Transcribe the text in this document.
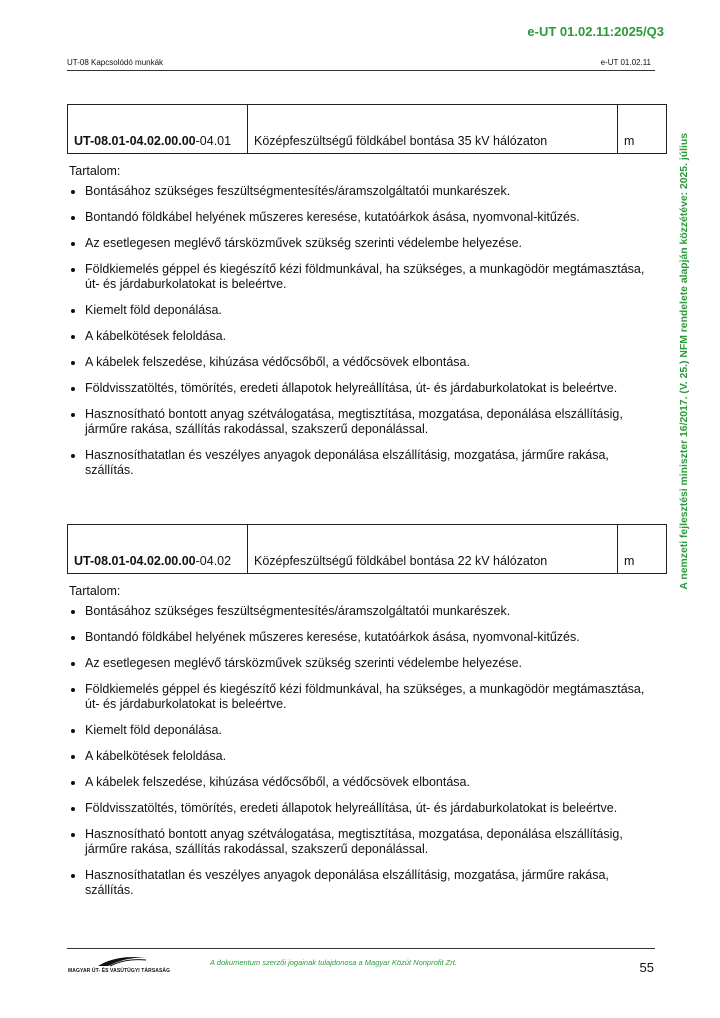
e-UT 01.02.11:2025/Q3
UT-08 Kapcsolódó munkák	e-UT 01.02.11
A nemzeti fejlesztési miniszter 16/2017. (V. 25.) NFM rendelete alapján közzétéve: 2025. július
UT-08.01-04.02.00.00-04.01	Középfeszültségű földkábel bontása 35 kV hálózaton	m
Tartalom:
Bontásához szükséges feszültségmentesítés/áramszolgáltatói munkarészek.
Bontandó földkábel helyének műszeres keresése, kutatóárkok ásása, nyomvonal-kitűzés.
Az esetlegesen meglévő társközművek szükség szerinti védelembe helyezése.
Földkiemelés géppel és kiegészítő kézi földmunkával, ha szükséges, a munkagödör megtámasztása, út- és járdaburkolatokat is beleértve.
Kiemelt föld deponálása.
A kábelkötések feloldása.
A kábelek felszedése, kihúzása védőcsőből, a védőcsövek elbontása.
Földvisszatöltés, tömörítés, eredeti állapotok helyreállítása, út- és járdaburkolatokat is beleértve.
Hasznosítható bontott anyag szétválogatása, megtisztítása, mozgatása, deponálása elszállításig, járműre rakása, szállítás rakodással, szakszerű deponálással.
Hasznosíthatatlan és veszélyes anyagok deponálása elszállításig, mozgatása, járműre rakása, szállítás.
UT-08.01-04.02.00.00-04.02	Középfeszültségű földkábel bontása 22 kV hálózaton	m
Tartalom:
Bontásához szükséges feszültségmentesítés/áramszolgáltatói munkarészek.
Bontandó földkábel helyének műszeres keresése, kutatóárkok ásása, nyomvonal-kitűzés.
Az esetlegesen meglévő társközművek szükség szerinti védelembe helyezése.
Földkiemelés géppel és kiegészítő kézi földmunkával, ha szükséges, a munkagödör megtámasztása, út- és járdaburkolatokat is beleértve.
Kiemelt föld deponálása.
A kábelkötések feloldása.
A kábelek felszedése, kihúzása védőcsőből, a védőcsövek elbontása.
Földvisszatöltés, tömörítés, eredeti állapotok helyreállítása, út- és járdaburkolatokat is beleértve.
Hasznosítható bontott anyag szétválogatása, megtisztítása, mozgatása, deponálása elszállításig, járműre rakása, szállítás rakodással, szakszerű deponálással.
Hasznosíthatatlan és veszélyes anyagok deponálása elszállításig, mozgatása, járműre rakása, szállítás.
MAGYAR ÚT- ÉS VASÚTÜGYI TÁRSASÁG
A dokumentum szerzői jogainak tulajdonosa a Magyar Közút Nonprofit Zrt.	55
